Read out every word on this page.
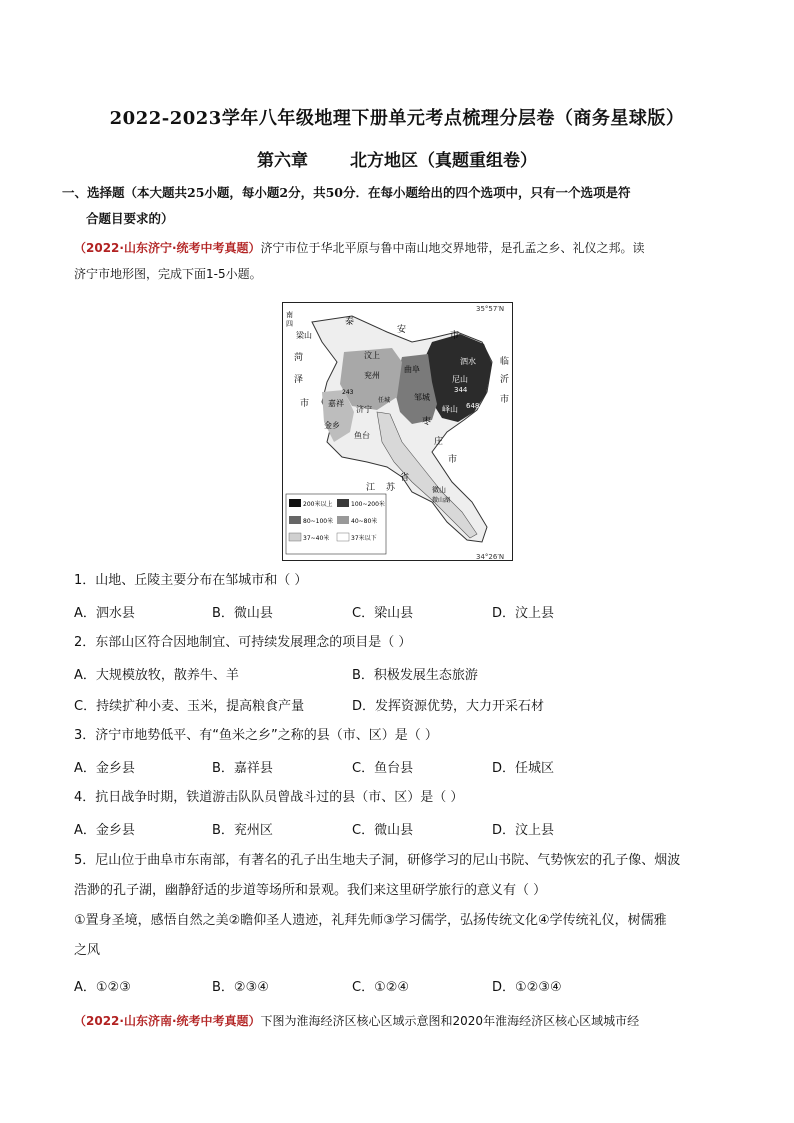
2022-2023学年八年级地理下册单元考点梳理分层卷（商务星球版）
第六章 北方地区（真题重组卷）
一、选择题（本大题共25小题，每小题2分，共50分．在每小题给出的四个选项中，只有一个选项是符
合题目要求的）
（2022·山东济宁·统考中考真题）济宁市位于华北平原与鲁中南山地交界地带，是孔孟之乡、礼仪之邦。读
济宁市地形图，完成下面1-5小题。
35°57′N
34°26′N
南
四
梁山
泰
安
市
汶上
兖州
曲阜
泗水
菏
泽
市 嘉祥
济宁
任城	邹城
尼山
344
峄山 648.8
临
沂
市
金乡
鱼台
枣
庄
市
江 苏
省
微山
微山湖
243
200米以上	100~200米
80~100米	40~80米
37~40米	37米以下
1．山地、丘陵主要分布在邹城市和（ ）
A．泗水县	B．微山县	C．梁山县	D．汶上县
2．东部山区符合因地制宜、可持续发展理念的项目是（ ）
A．大规模放牧，散养牛、羊	B．积极发展生态旅游
C．持续扩种小麦、玉米，提高粮食产量	D．发挥资源优势，大力开采石材
3．济宁市地势低平、有“鱼米之乡”之称的县（市、区）是（ ）
A．金乡县	B．嘉祥县	C．鱼台县	D．任城区
4．抗日战争时期，铁道游击队队员曾战斗过的县（市、区）是（ ）
A．金乡县	B．兖州区	C．微山县	D．汶上县
5．尼山位于曲阜市东南部，有著名的孔子出生地夫子洞，研修学习的尼山书院、气势恢宏的孔子像、烟波
浩渺的孔子湖，幽静舒适的步道等场所和景观。我们来这里研学旅行的意义有（ ）
①置身圣境，感悟自然之美②瞻仰圣人遗迹，礼拜先师③学习儒学，弘扬传统文化④学传统礼仪，树儒雅
之风
A．①②③	B．②③④	C．①②④	D．①②③④
（2022·山东济南·统考中考真题）下图为淮海经济区核心区域示意图和2020年淮海经济区核心区域城市经
